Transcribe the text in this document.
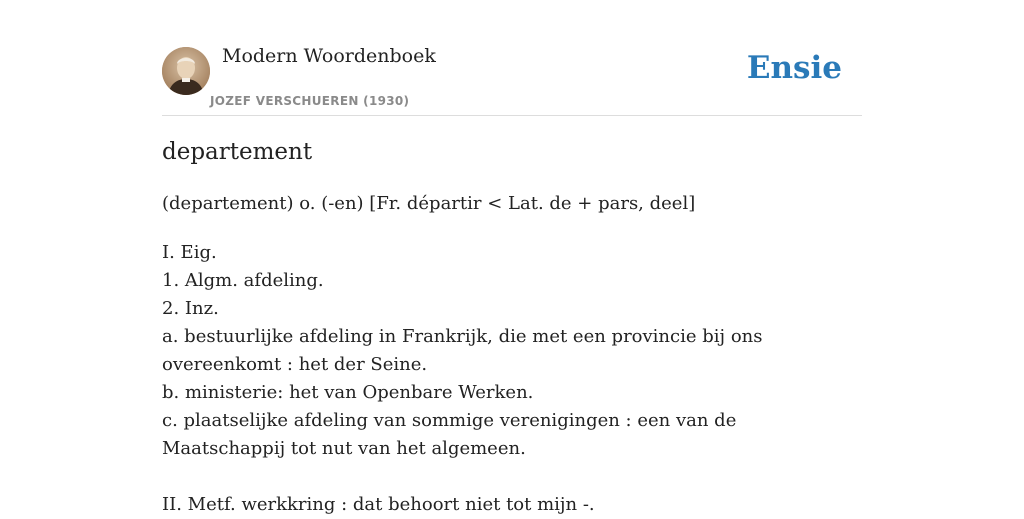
Modern Woordenboek
JOZEF VERSCHUEREN (1930)
Ensie
departement
(departement) o. (-en) [Fr. départir < Lat. de + pars, deel]
I. Eig.
1. Algm. afdeling.
2. Inz.
a. bestuurlijke afdeling in Frankrijk, die met een provincie bij ons overeenkomt : het der Seine.
b. ministerie: het van Openbare Werken.
c. plaatselijke afdeling van sommige verenigingen : een van de Maatschappij tot nut van het algemeen.
II. Metf. werkkring : dat behoort niet tot mijn -.
